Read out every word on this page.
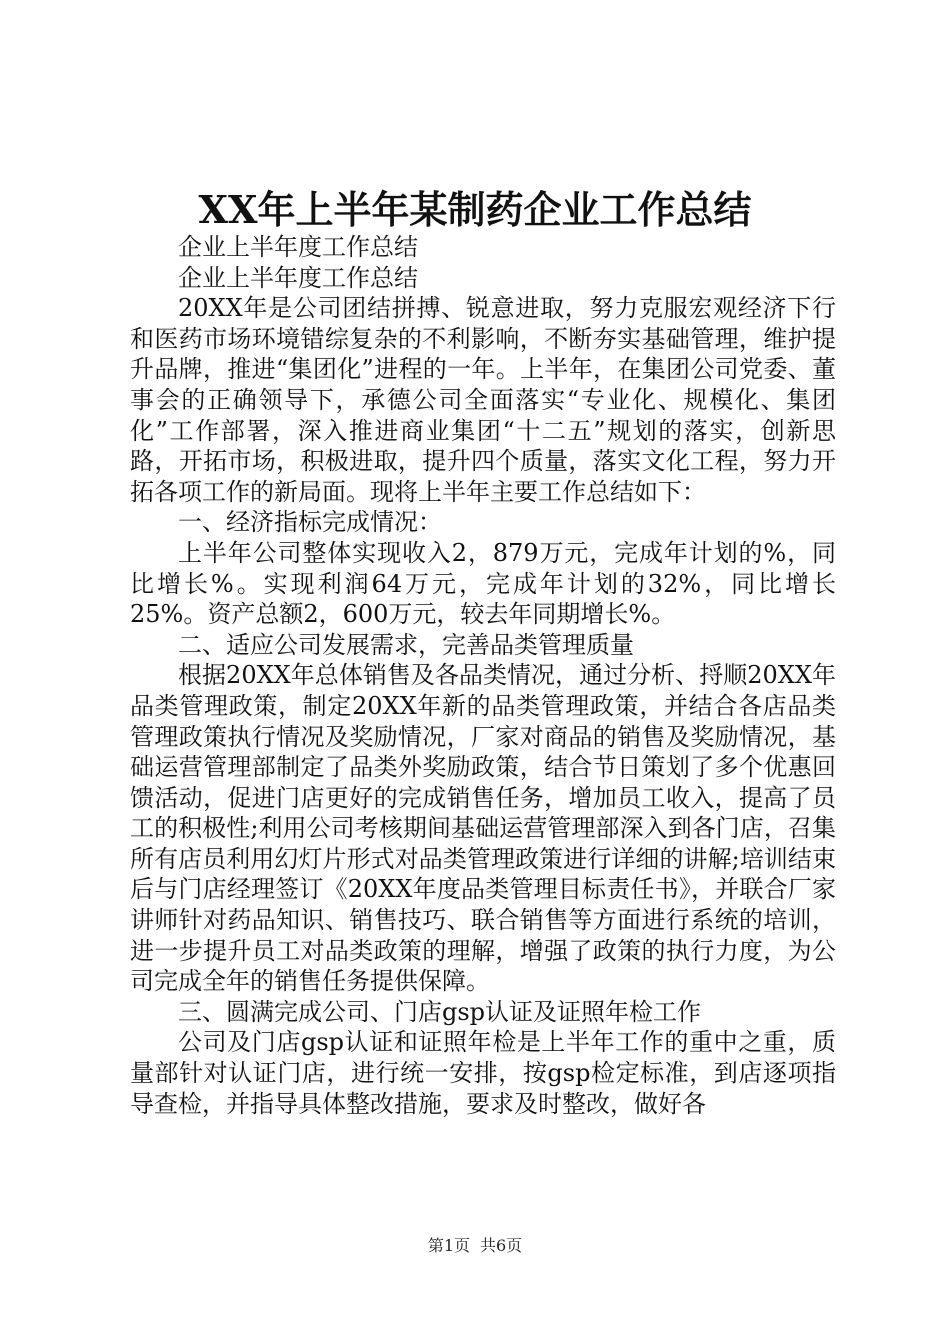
XX年上半年某制药企业工作总结

企业上半年度工作总结

企业上半年度工作总结

20XX年是公司团结拼搏、锐意进取，努力克服宏观经济下行和医药市场环境错综复杂的不利影响，不断夯实基础管理，维护提升品牌，推进“集团化”进程的一年。上半年，在集团公司党委、董事会的正确领导下，承德公司全面落实“专业化、规模化、集团化”工作部署，深入推进商业集团“十二五”规划的落实，创新思路，开拓市场，积极进取，提升四个质量，落实文化工程，努力开拓各项工作的新局面。现将上半年主要工作总结如下：

一、经济指标完成情况：

上半年公司整体实现收入2，879万元，完成年计划的%，同比增长%。实现利润64万元，完成年计划的32%，同比增长25%。资产总额2，600万元，较去年同期增长%。

二、适应公司发展需求，完善品类管理质量

根据20XX年总体销售及各品类情况，通过分析、捋顺20XX年品类管理政策，制定20XX年新的品类管理政策，并结合各店品类管理政策执行情况及奖励情况，厂家对商品的销售及奖励情况，基础运营管理部制定了品类外奖励政策，结合节日策划了多个优惠回馈活动，促进门店更好的完成销售任务，增加员工收入，提高了员工的积极性;利用公司考核期间基础运营管理部深入到各门店，召集所有店员利用幻灯片形式对品类管理政策进行详细的讲解;培训结束后与门店经理签订《20XX年度品类管理目标责任书》，并联合厂家讲师针对药品知识、销售技巧、联合销售等方面进行系统的培训，进一步提升员工对品类政策的理解，增强了政策的执行力度，为公司完成全年的销售任务提供保障。

三、圆满完成公司、门店gsp认证及证照年检工作

公司及门店gsp认证和证照年检是上半年工作的重中之重，质量部针对认证门店，进行统一安排，按gsp检定标准，到店逐项指导查检，并指导具体整改措施，要求及时整改，做好各

第1页 共6页
